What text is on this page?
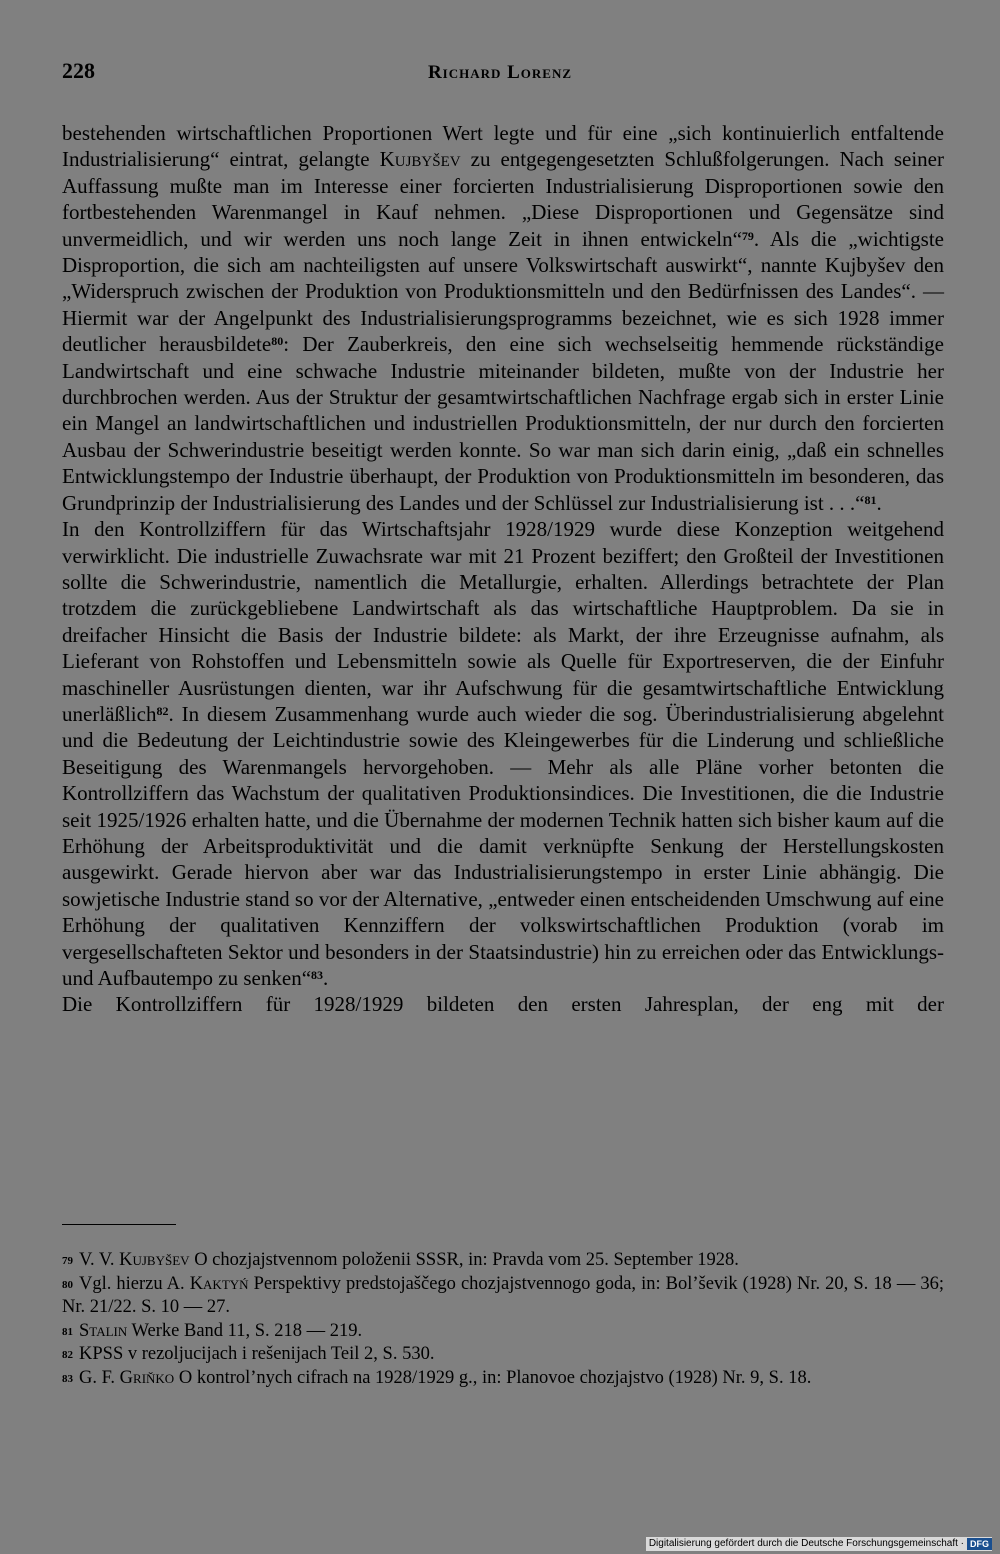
228	Richard Lorenz

bestehenden wirtschaftlichen Proportionen Wert legte und für eine „sich kontinuierlich entfaltende Industrialisierung“ eintrat, gelangte Kujbyšev zu entgegengesetzten Schlußfolgerungen. Nach seiner Auffassung mußte man im Interesse einer forcierten Industrialisierung Disproportionen sowie den fortbestehenden Warenmangel in Kauf nehmen. „Diese Disproportionen und Gegensätze sind unvermeidlich, und wir werden uns noch lange Zeit in ihnen entwickeln“$^{79}$. Als die „wichtigste Disproportion, die sich am nachteiligsten auf unsere Volkswirtschaft auswirkt“, nannte Kujbyšev den „Widerspruch zwischen der Produktion von Produktionsmitteln und den Bedürfnissen des Landes“. — Hiermit war der Angelpunkt des Industrialisierungsprogramms bezeichnet, wie es sich 1928 immer deutlicher herausbildete$^{80}$: Der Zauberkreis, den eine sich wechselseitig hemmende rückständige Landwirtschaft und eine schwache Industrie miteinander bildeten, mußte von der Industrie her durchbrochen werden. Aus der Struktur der gesamtwirtschaftlichen Nachfrage ergab sich in erster Linie ein Mangel an landwirtschaftlichen und industriellen Produktionsmitteln, der nur durch den forcierten Ausbau der Schwerindustrie beseitigt werden konnte. So war man sich darin einig, „daß ein schnelles Entwicklungstempo der Industrie überhaupt, der Produktion von Produktionsmitteln im besonderen, das Grundprinzip der Industrialisierung des Landes und der Schlüssel zur Industrialisierung ist . . .“$^{81}$.

In den Kontrollziffern für das Wirtschaftsjahr 1928/1929 wurde diese Konzeption weitgehend verwirklicht. Die industrielle Zuwachsrate war mit 21 Prozent beziffert; den Großteil der Investitionen sollte die Schwerindustrie, namentlich die Metallurgie, erhalten. Allerdings betrachtete der Plan trotzdem die zurückgebliebene Landwirtschaft als das wirtschaftliche Hauptproblem. Da sie in dreifacher Hinsicht die Basis der Industrie bildete: als Markt, der ihre Erzeugnisse aufnahm, als Lieferant von Rohstoffen und Lebensmitteln sowie als Quelle für Exportreserven, die der Einfuhr maschineller Ausrüstungen dienten, war ihr Aufschwung für die gesamtwirtschaftliche Entwicklung unerläßlich$^{82}$. In diesem Zusammenhang wurde auch wieder die sog. Überindustrialisierung abgelehnt und die Bedeutung der Leichtindustrie sowie des Kleingewerbes für die Linderung und schließliche Beseitigung des Warenmangels hervorgehoben. — Mehr als alle Pläne vorher betonten die Kontrollziffern das Wachstum der qualitativen Produktionsindices. Die Investitionen, die die Industrie seit 1925/1926 erhalten hatte, und die Übernahme der modernen Technik hatten sich bisher kaum auf die Erhöhung der Arbeitsproduktivität und die damit verknüpfte Senkung der Herstellungskosten ausgewirkt. Gerade hiervon aber war das Industrialisierungstempo in erster Linie abhängig. Die sowjetische Industrie stand so vor der Alternative, „entweder einen entscheidenden Umschwung auf eine Erhöhung der qualitativen Kennziffern der volkswirtschaftlichen Produktion (vorab im vergesellschafteten Sektor und besonders in der Staatsindustrie) hin zu erreichen oder das Entwicklungs- und Aufbautempo zu senken“$^{83}$.

Die Kontrollziffern für 1928/1929 bildeten den ersten Jahresplan, der eng mit der

$^{79}$ V. V. Kujbyšev O chozjajstvennom položenii SSSR, in: Pravda vom 25. September 1928.

$^{80}$ Vgl. hierzu A. Kaktyń Perspektivy predstojaščego chozjajstvennogo goda, in: Bol’ševik (1928) Nr. 20, S. 18 — 36; Nr. 21/22. S. 10 — 27.

$^{81}$ Stalin Werke Band 11, S. 218 — 219.

$^{82}$ KPSS v rezoljucijach i rešenijach Teil 2, S. 530.

$^{83}$ G. F. Griňko O kontrol’nych cifrach na 1928/1929 g., in: Planovoe chozjajstvo (1928) Nr. 9, S. 18.

Digitalisierung gefördert durch die Deutsche Forschungsgemeinschaft · DFG
